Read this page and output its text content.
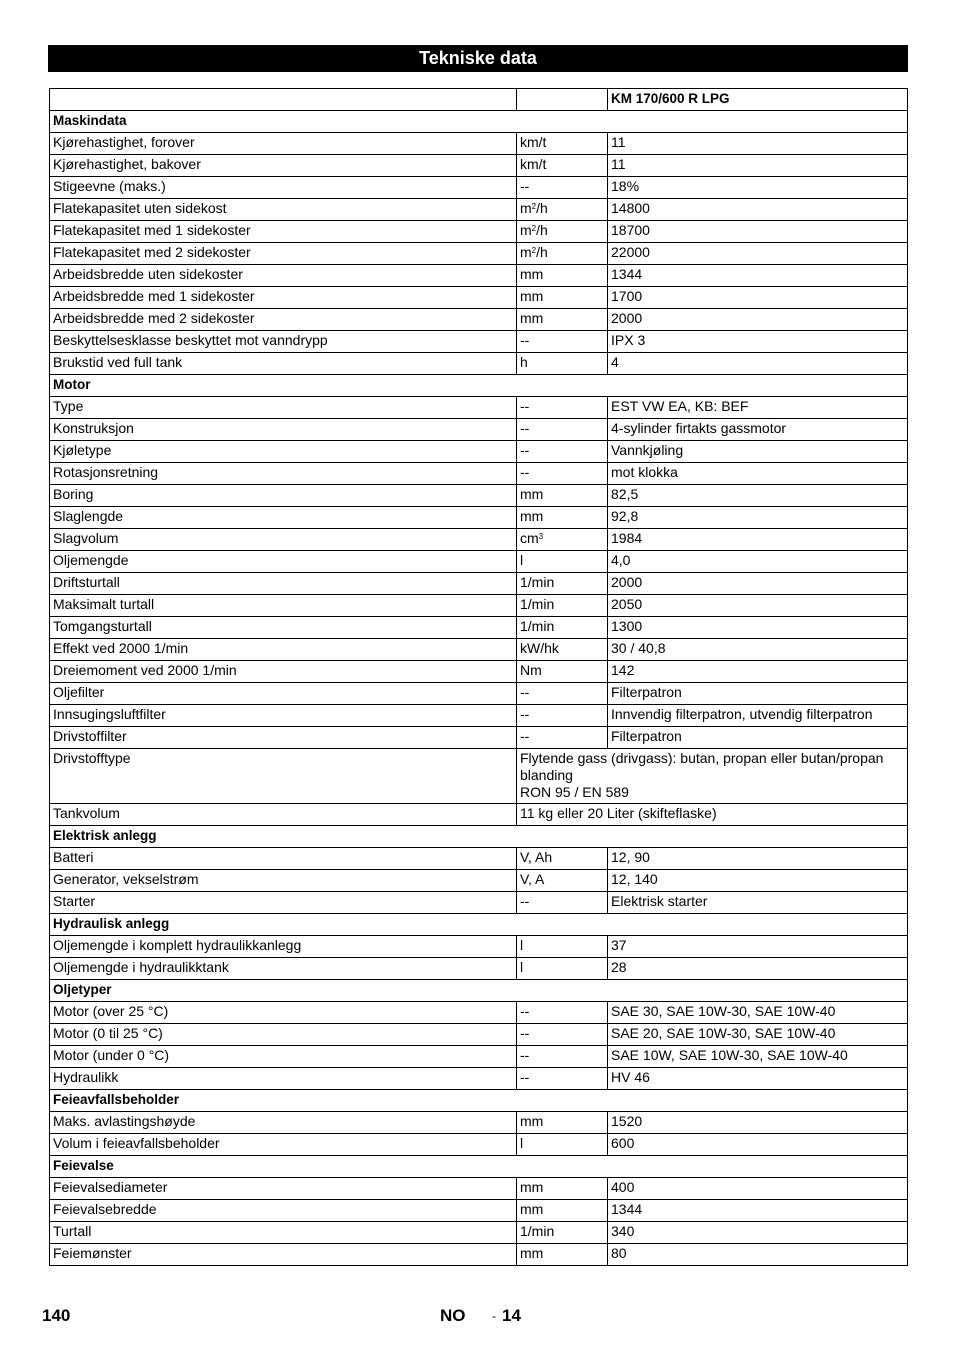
Tekniske data
		KM 170/600 R LPG
Maskindata		
Kjørehastighet, forover	km/t	11
Kjørehastighet, bakover	km/t	11
Stigeevne (maks.)	--	18%
Flatekapasitet uten sidekost	$m^2/h$	14800
Flatekapasitet med 1 sidekoster	$m^2/h$	18700
Flatekapasitet med 2 sidekoster	$m^2/h$	22000
Arbeidsbredde uten sidekoster	mm	1344
Arbeidsbredde med 1 sidekoster	mm	1700
Arbeidsbredde med 2 sidekoster	mm	2000
Beskyttelsesklasse beskyttet mot vanndrypp	--	IPX 3
Brukstid ved full tank	h	4
Motor		
Type	--	EST VW EA, KB: BEF
Konstruksjon	--	4-sylinder firtakts gassmotor
Kjøletype	--	Vannkjøling
Rotasjonsretning	--	mot klokka
Boring	mm	82,5
Slaglengde	mm	92,8
Slagvolum	$cm^3$	1984
Oljemengde	l	4,0
Driftsturtall	1/min	2000
Maksimalt turtall	1/min	2050
Tomgangsturtall	1/min	1300
Effekt ved 2000 1/min	kW/hk	30 / 40,8
Dreiemoment ved 2000 1/min	Nm	142
Oljefilter	--	Filterpatron
Innsugingsluftfilter	--	Innvendig filterpatron, utvendig filterpatron
Drivstoffilter	--	Filterpatron
Drivstofftype	Flytende gass (drivgass): butan, propan eller butan/propan blanding
RON 95 / EN 589	
Tankvolum	11 kg eller 20 Liter (skifteflaske)	
Elektrisk anlegg		
Batteri	V, Ah	12, 90
Generator, vekselstrøm	V, A	12, 140
Starter	--	Elektrisk starter
Hydraulisk anlegg		
Oljemengde i komplett hydraulikkanlegg	l	37
Oljemengde i hydraulikktank	l	28
Oljetyper		
Motor (over 25 °C)	--	SAE 30, SAE 10W-30, SAE 10W-40
Motor (0 til 25 °C)	--	SAE 20, SAE 10W-30, SAE 10W-40
Motor (under 0 °C)	--	SAE 10W, SAE 10W-30, SAE 10W-40
Hydraulikk	--	HV 46
Feieavfallsbeholder		
Maks. avlastingshøyde	mm	1520
Volum i feieavfallsbeholder	l	600
Feievalse		
Feievalsediameter	mm	400
Feievalsebredde	mm	1344
Turtall	1/min	340
Feiemønster	mm	80
140	NO - 14
